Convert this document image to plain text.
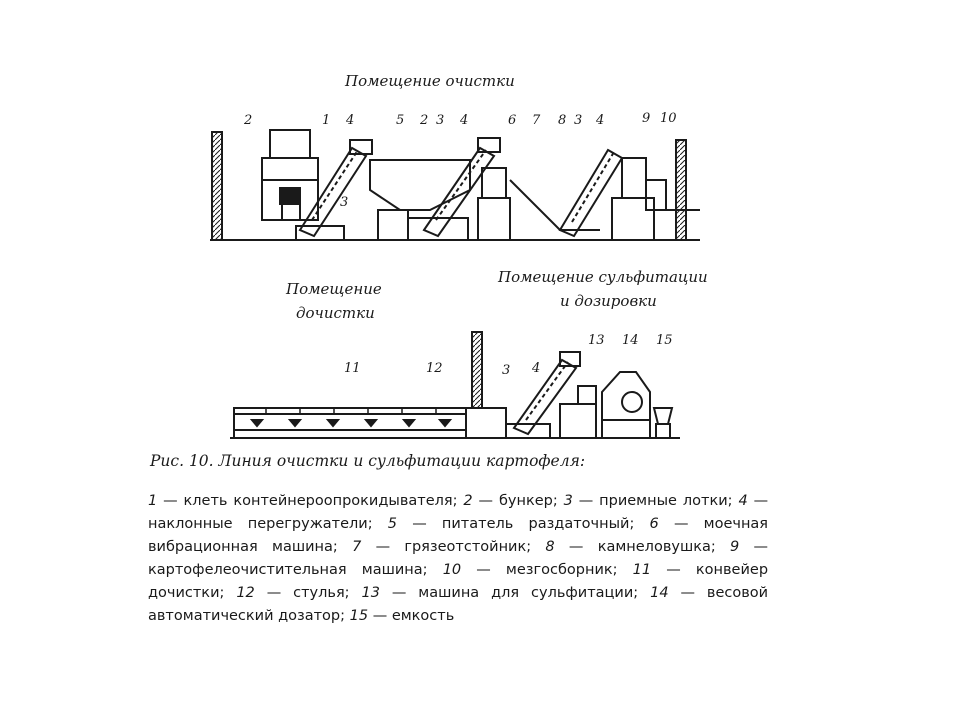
Помещение очистки
2	1 4	5 2 3 4	6 7 8 3 4	9 10
3
Помещение
дочистки
Помещение сульфитации
и дозировки
11	12	3 4
13 14 15
Рис. 10. Линия очистки и сульфитации картофеля:
1 — клеть контейнероопрокидывателя; 2 — бункер; 3 — приемные лотки; 4 — наклонные перегружатели; 5 — питатель раздаточный; 6 — моечная вибрационная машина; 7 — грязеотстойник; 8 — камнеловушка; 9 — картофелеочистительная машина; 10 — мезгосборник; 11 — конвейер дочистки; 12 — стулья; 13 — машина для сульфитации; 14 — весовой автоматический дозатор; 15 — емкость
